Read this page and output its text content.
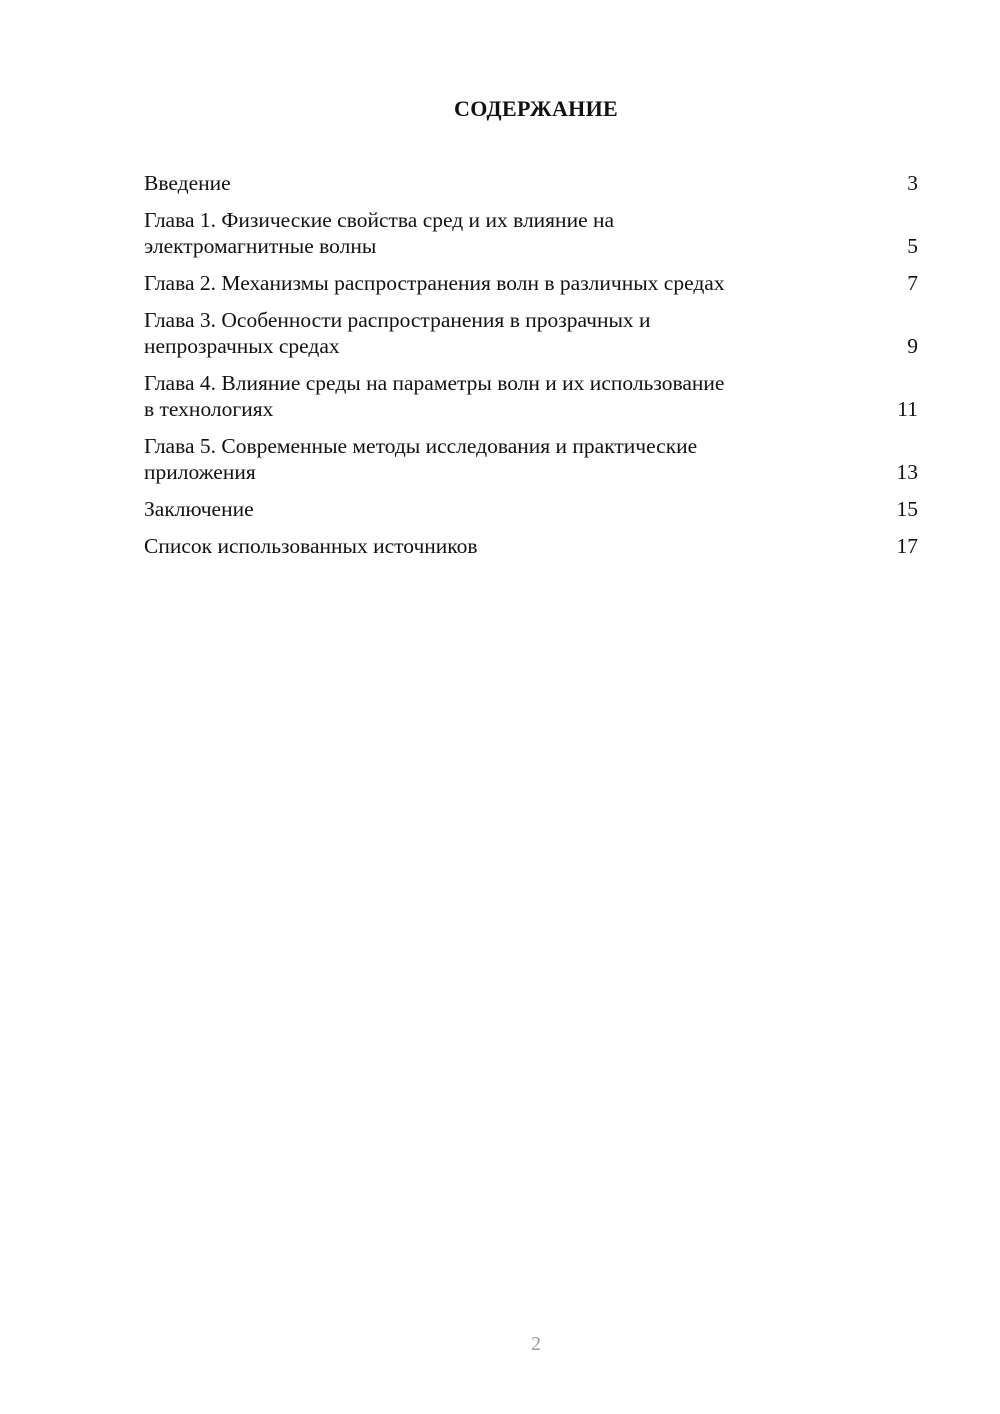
СОДЕРЖАНИЕ
Введение	3
Глава 1. Физические свойства сред и их влияние на
электромагнитные волны	5
Глава 2. Механизмы распространения волн в различных средах	7
Глава 3. Особенности распространения в прозрачных и
непрозрачных средах	9
Глава 4. Влияние среды на параметры волн и их использование
в технологиях	11
Глава 5. Современные методы исследования и практические
приложения	13
Заключение	15
Список использованных источников	17
2
